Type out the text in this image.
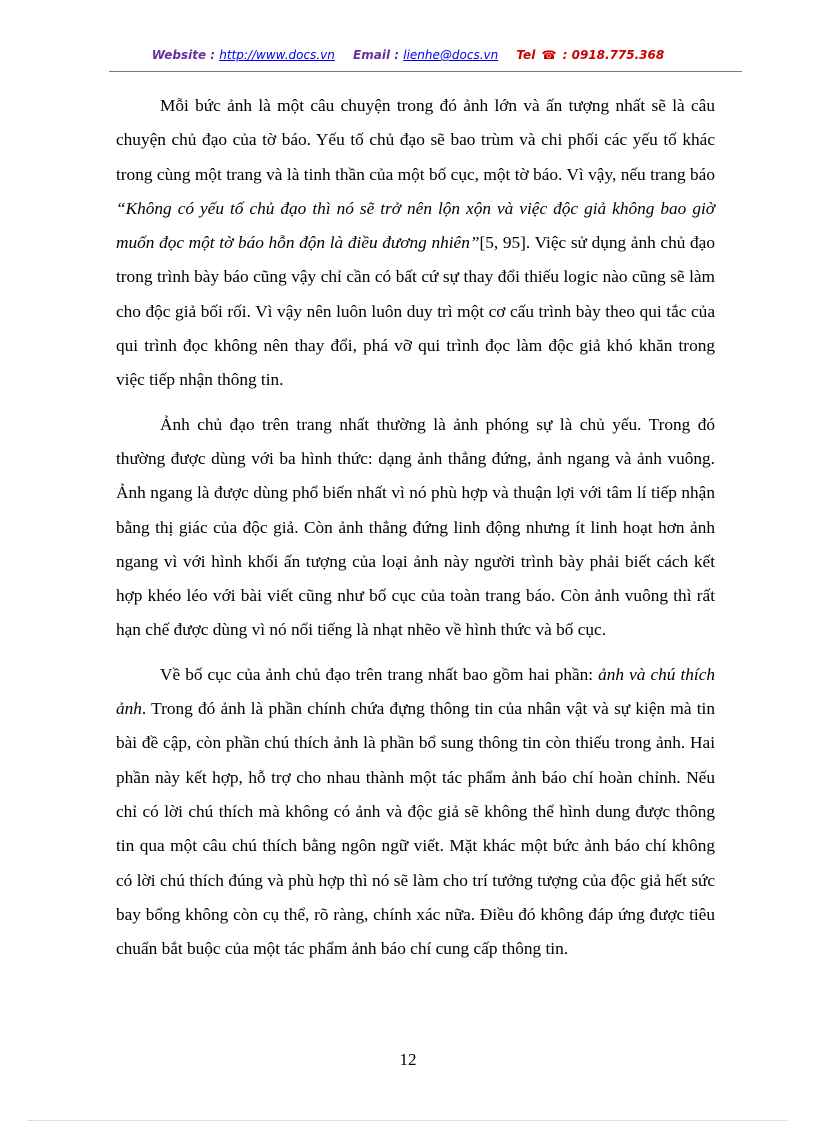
Website : http://www.docs.vn Email : lienhe@docs.vn Tel ☎ : 0918.775.368

Mỗi bức ảnh là một câu chuyện trong đó ảnh lớn và ấn tượng nhất sẽ là câu chuyện chủ đạo của tờ báo. Yếu tố chủ đạo sẽ bao trùm và chi phối các yếu tố khác trong cùng một trang và là tinh thần của một bố cục, một tờ báo. Vì vậy, nếu trang báo “Không có yếu tố chủ đạo thì nó sẽ trở nên lộn xộn và việc độc giả không bao giờ muốn đọc một tờ báo hỗn độn là điều đương nhiên”[5, 95]. Việc sử dụng ảnh chủ đạo trong trình bày báo cũng vậy chỉ cần có bất cứ sự thay đổi thiếu logic nào cũng sẽ làm cho độc giả bối rối. Vì vậy nên luôn luôn duy trì một cơ cấu trình bày theo qui tắc của qui trình đọc không nên thay đổi, phá vỡ qui trình đọc làm độc giả khó khăn trong việc tiếp nhận thông tin.

Ảnh chủ đạo trên trang nhất thường là ảnh phóng sự là chủ yếu. Trong đó thường được dùng với ba hình thức: dạng ảnh thẳng đứng, ảnh ngang và ảnh vuông. Ảnh ngang là được dùng phổ biến nhất vì nó phù hợp và thuận lợi với tâm lí tiếp nhận bằng thị giác của độc giả. Còn ảnh thẳng đứng linh động nhưng ít linh hoạt hơn ảnh ngang vì với hình khối ấn tượng của loại ảnh này người trình bày phải biết cách kết hợp khéo léo với bài viết cũng như bố cục của toàn trang báo. Còn ảnh vuông thì rất hạn chế được dùng vì nó nổi tiếng là nhạt nhẽo về hình thức và bố cục.

Về bố cục của ảnh chủ đạo trên trang nhất bao gồm hai phần: ảnh và chú thích ảnh. Trong đó ảnh là phần chính chứa đựng thông tin của nhân vật và sự kiện mà tin bài đề cập, còn phần chú thích ảnh là phần bổ sung thông tin còn thiếu trong ảnh. Hai phần này kết hợp, hỗ trợ cho nhau thành một tác phẩm ảnh báo chí hoàn chỉnh. Nếu chỉ có lời chú thích mà không có ảnh và độc giả sẽ không thể hình dung được thông tin qua một câu chú thích bằng ngôn ngữ viết. Mặt khác một bức ảnh báo chí không có lời chú thích đúng và phù hợp thì nó sẽ làm cho trí tưởng tượng của độc giả hết sức bay bổng không còn cụ thể, rõ ràng, chính xác nữa. Điều đó không đáp ứng được tiêu chuẩn bắt buộc của một tác phẩm ảnh báo chí cung cấp thông tin.

12
